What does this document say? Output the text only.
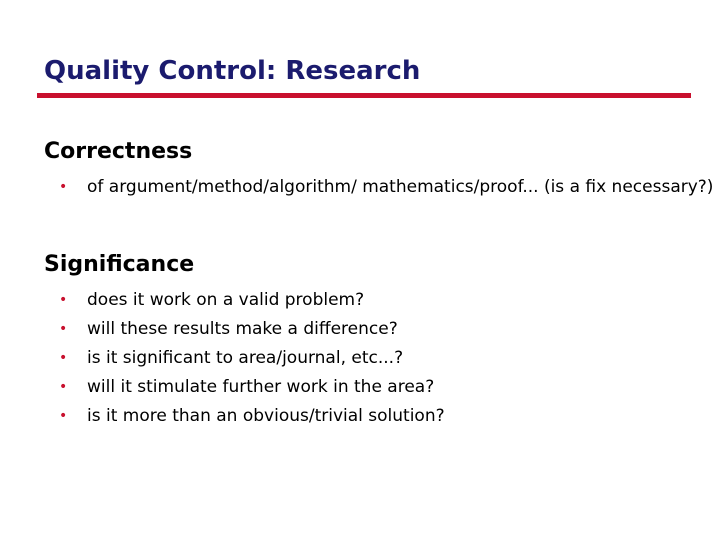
Quality Control: Research
Correctness
• of argument/method/algorithm/ mathematics/proof... (is a fix necessary?)
Significance
• does it work on a valid problem?
• will these results make a difference?
• is it significant to area/journal, etc...?
• will it stimulate further work in the area?
• is it more than an obvious/trivial solution?
